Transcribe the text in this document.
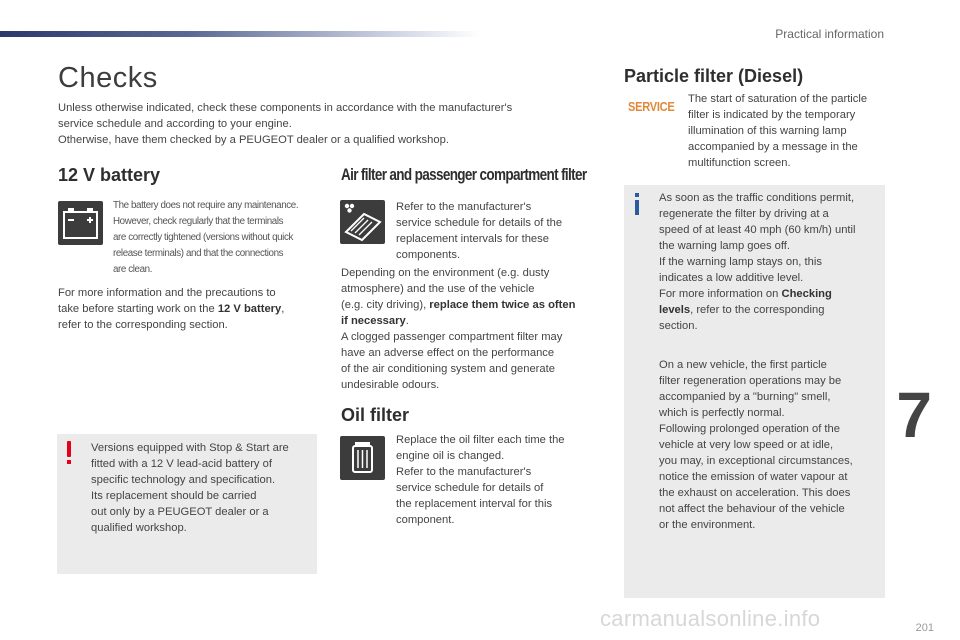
Practical information
Checks
Unless otherwise indicated, check these components in accordance with the manufacturer's
service schedule and according to your engine.
Otherwise, have them checked by a PEUGEOT dealer or a qualified workshop.
12 V battery
The battery does not require any maintenance.
However, check regularly that the terminals
are correctly tightened (versions without quick
release terminals) and that the connections
are clean.
For more information and the precautions to
take before starting work on the 12 V battery,
refer to the corresponding section.
Versions equipped with Stop & Start are
fitted with a 12 V lead-acid battery of
specific technology and specification.
Its replacement should be carried
out only by a PEUGEOT dealer or a
qualified workshop.
Air filter and passenger compartment filter
Refer to the manufacturer's
service schedule for details of the
replacement intervals for these
components.
Depending on the environment (e.g. dusty
atmosphere) and the use of the vehicle
(e.g. city driving), replace them twice as often
if necessary.
A clogged passenger compartment filter may
have an adverse effect on the performance
of the air conditioning system and generate
undesirable odours.
Oil filter
Replace the oil filter each time the
engine oil is changed.
Refer to the manufacturer's
service schedule for details of
the replacement interval for this
component.
Particle filter (Diesel)
SERVICE The start of saturation of the particle
filter is indicated by the temporary
illumination of this warning lamp
accompanied by a message in the
multifunction screen.
As soon as the traffic conditions permit,
regenerate the filter by driving at a
speed of at least 40 mph (60 km/h) until
the warning lamp goes off.
If the warning lamp stays on, this
indicates a low additive level.
For more information on Checking
levels, refer to the corresponding
section.
On a new vehicle, the first particle
filter regeneration operations may be
accompanied by a "burning" smell,
which is perfectly normal.
Following prolonged operation of the
vehicle at very low speed or at idle,
you may, in exceptional circumstances,
notice the emission of water vapour at
the exhaust on acceleration. This does
not affect the behaviour of the vehicle
or the environment.
7
carmanualsonline.info	201
